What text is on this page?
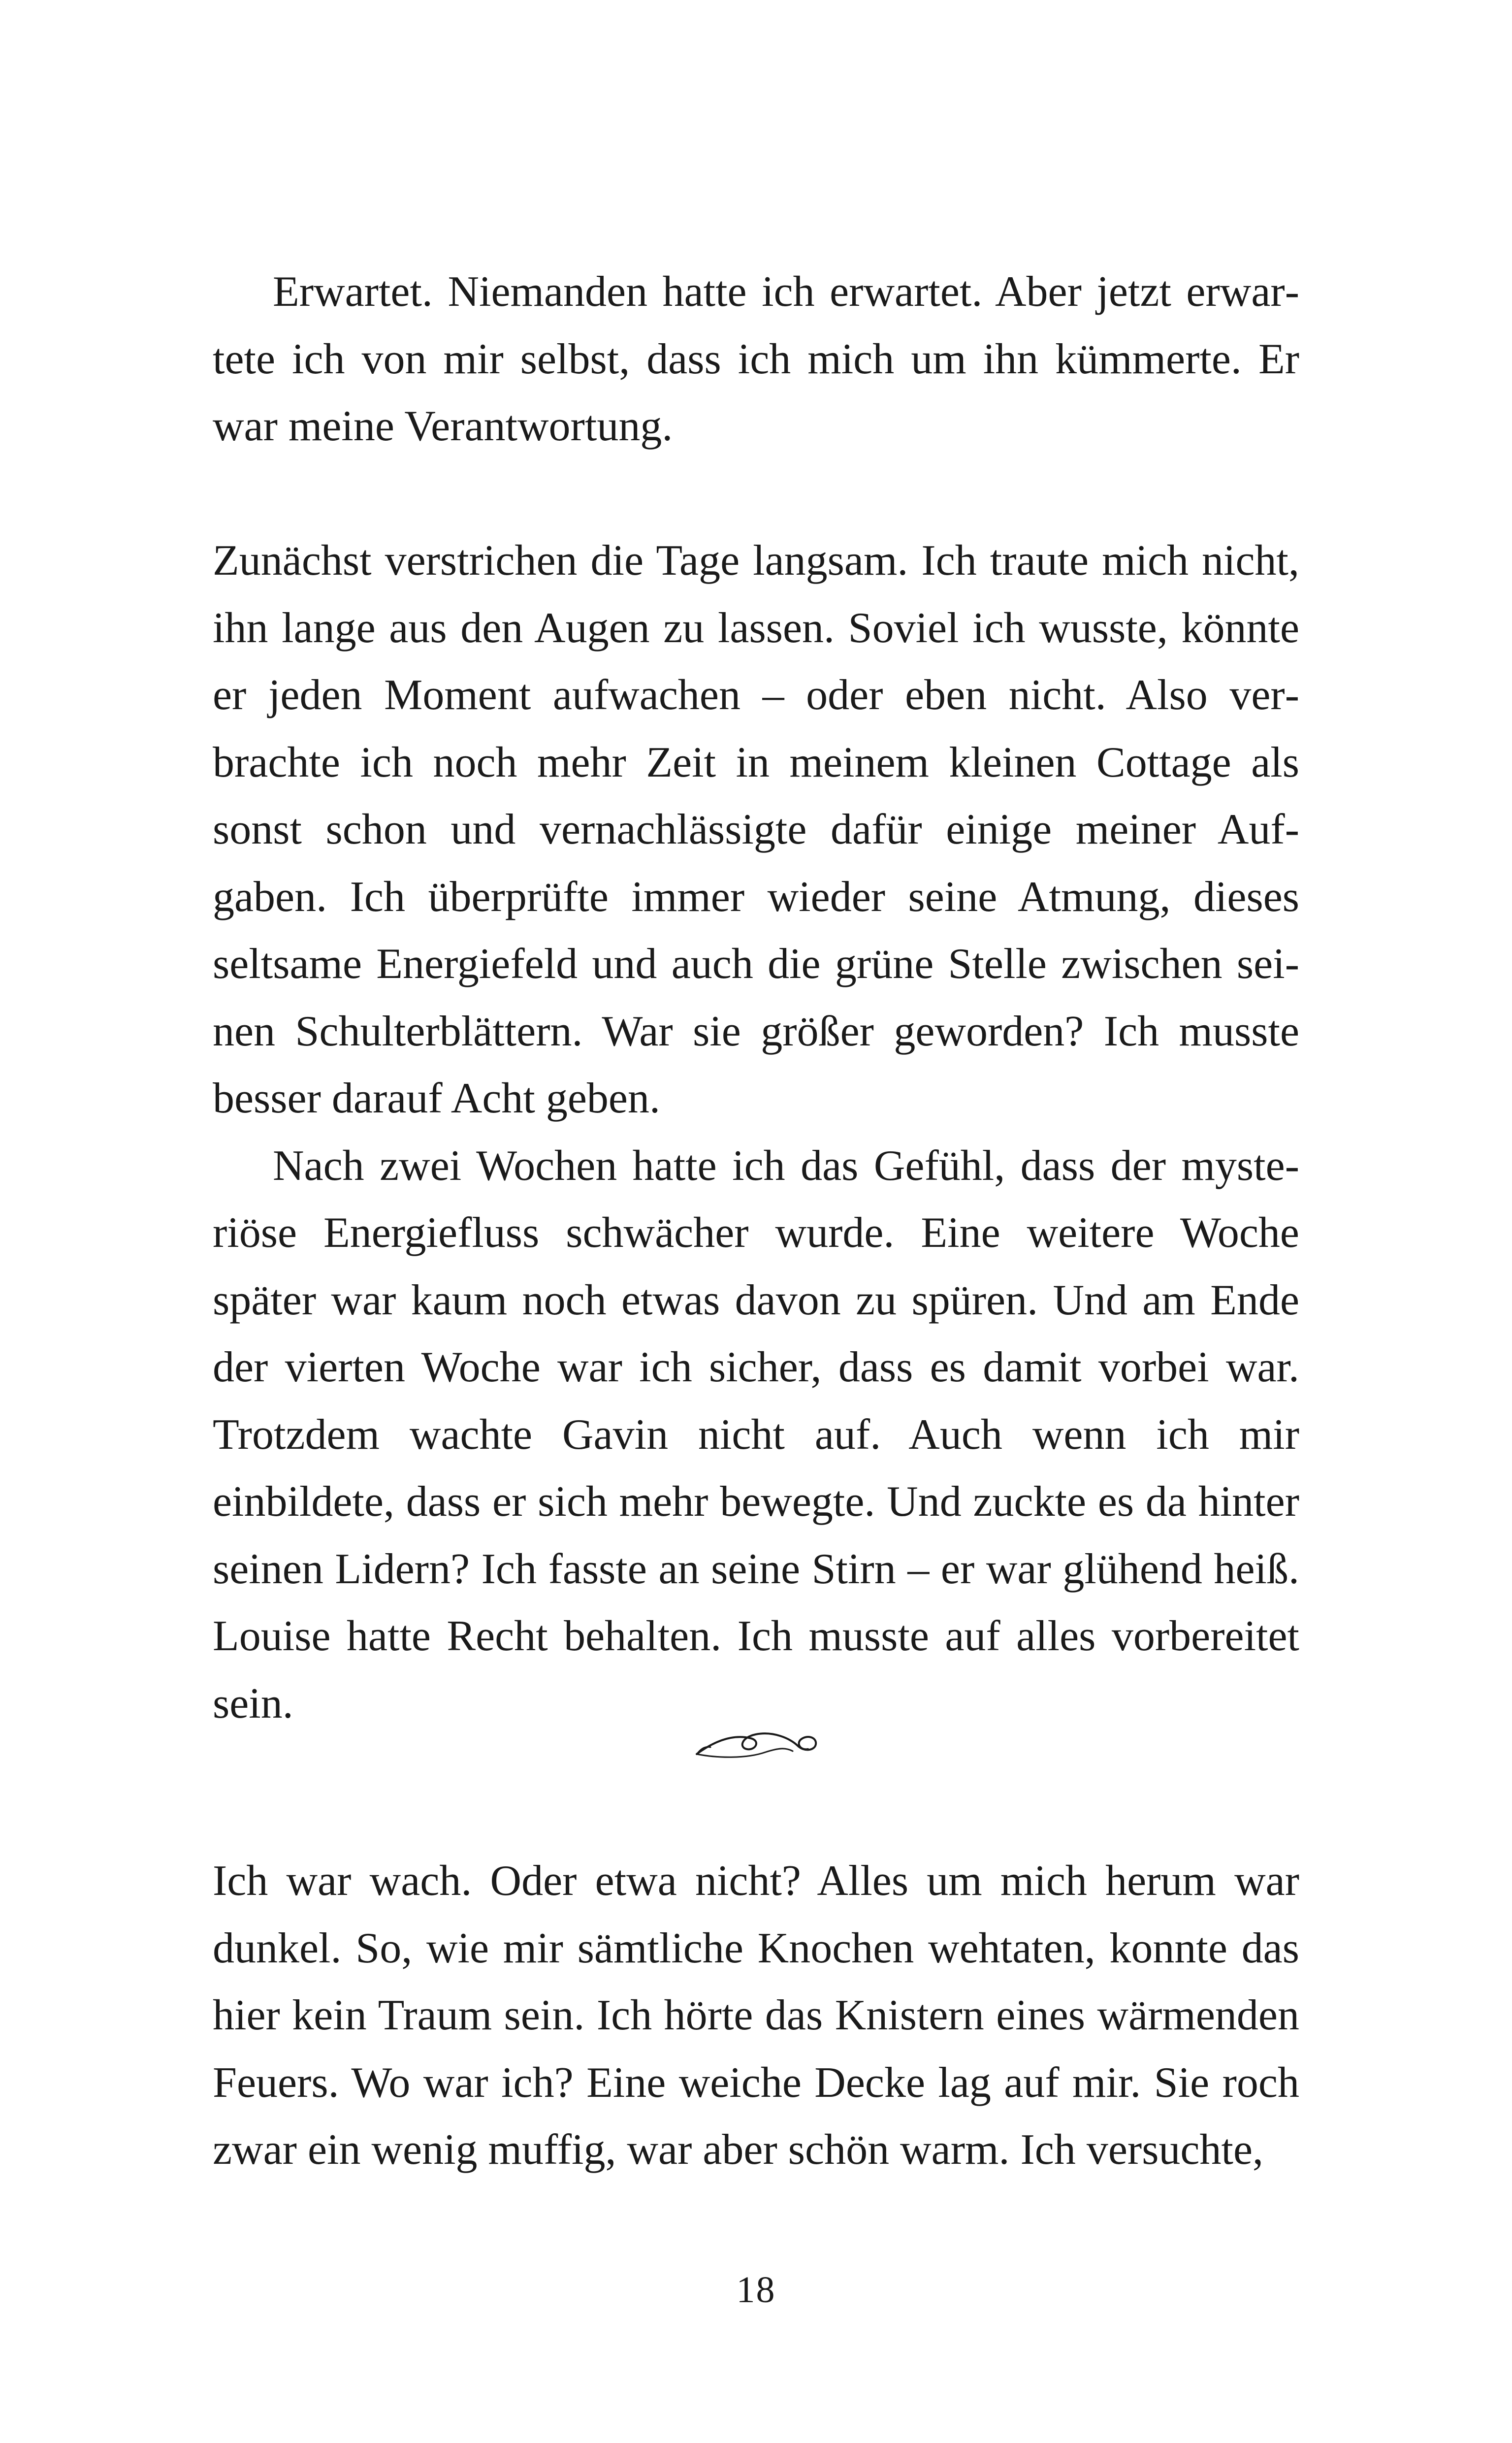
Erwartet. Niemanden hatte ich erwartet. Aber jetzt erwartete ich von mir selbst, dass ich mich um ihn kümmerte. Er war meine Verantwortung.

Zunächst verstrichen die Tage langsam. Ich traute mich nicht, ihn lange aus den Augen zu lassen. Soviel ich wusste, könnte er jeden Moment aufwachen – oder eben nicht. Also verbrachte ich noch mehr Zeit in meinem kleinen Cottage als sonst schon und vernachlässigte dafür einige meiner Aufgaben. Ich überprüfte immer wieder seine Atmung, dieses seltsame Energiefeld und auch die grüne Stelle zwischen seinen Schulterblättern. War sie größer geworden? Ich musste besser darauf Acht geben.

Nach zwei Wochen hatte ich das Gefühl, dass der mysteriöse Energiefluss schwächer wurde. Eine weitere Woche später war kaum noch etwas davon zu spüren. Und am Ende der vierten Woche war ich sicher, dass es damit vorbei war. Trotzdem wachte Gavin nicht auf. Auch wenn ich mir einbildete, dass er sich mehr bewegte. Und zuckte es da hinter seinen Lidern? Ich fasste an seine Stirn – er war glühend heiß. Louise hatte Recht behalten. Ich musste auf alles vorbereitet sein.

Ich war wach. Oder etwa nicht? Alles um mich herum war dunkel. So, wie mir sämtliche Knochen wehtaten, konnte das hier kein Traum sein. Ich hörte das Knistern eines wärmenden Feuers. Wo war ich? Eine weiche Decke lag auf mir. Sie roch zwar ein wenig muffig, war aber schön warm. Ich versuchte,

18
